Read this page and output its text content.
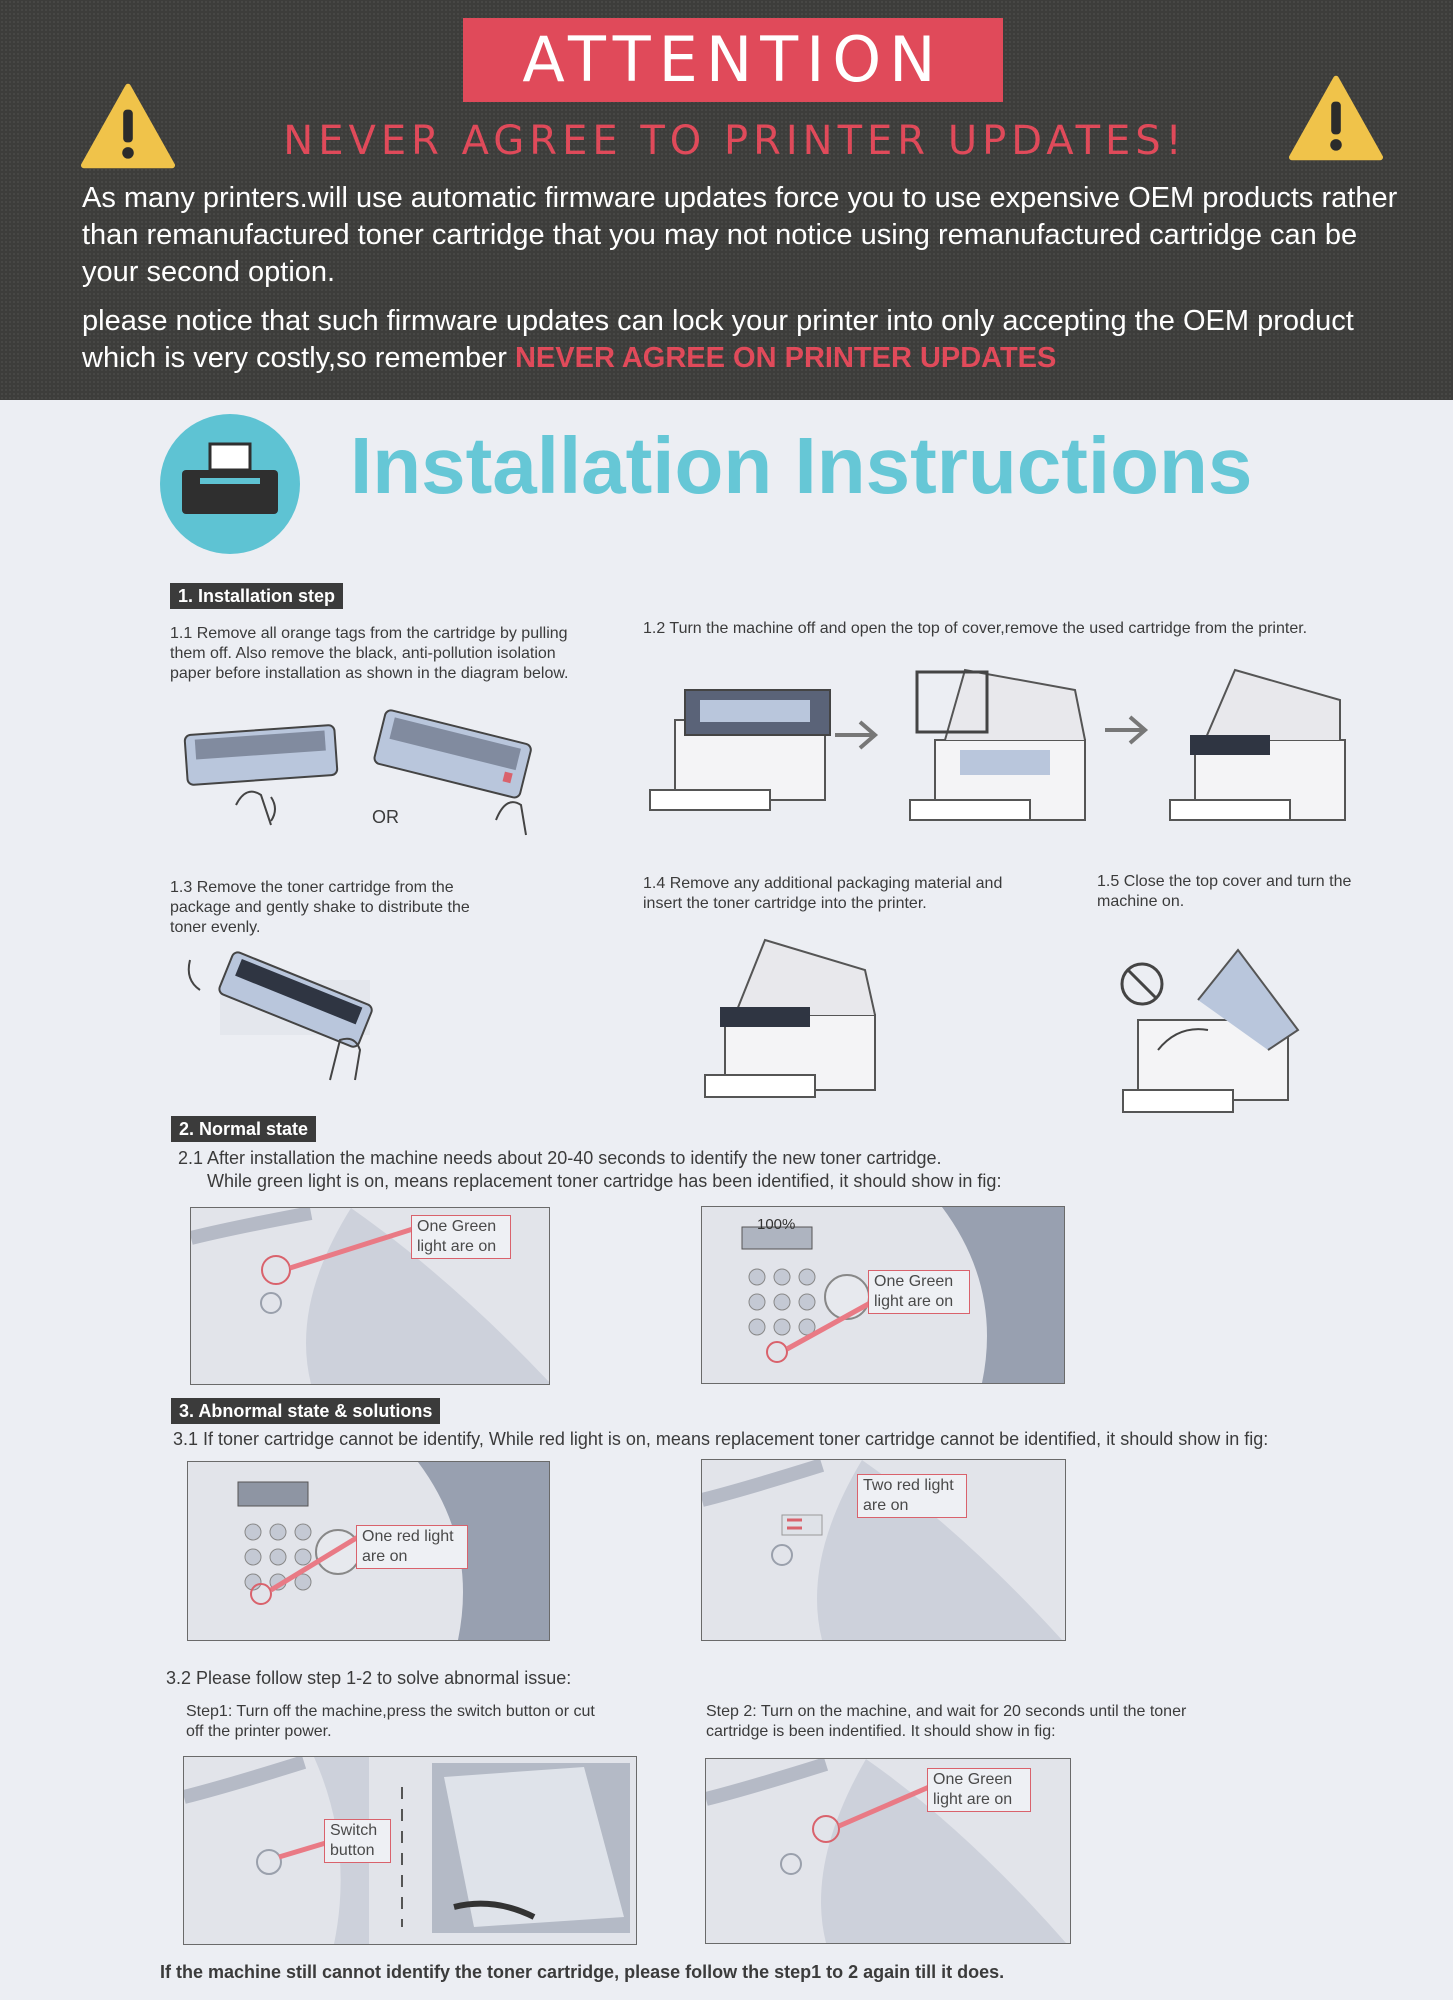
ATTENTION
NEVER AGREE TO PRINTER UPDATES!
As many printers.will use automatic firmware updates force you to use expensive OEM products rather than remanufactured toner cartridge that you may not notice using remanufactured cartridge can be your second option.
please notice that such firmware updates can lock your printer into only accepting the OEM product which is very costly,so remember NEVER AGREE ON PRINTER UPDATES
Installation Instructions
1. Installation step
1.1 Remove all orange tags from the cartridge by pulling them off. Also remove the black, anti-pollution isolation paper before installation as shown in the diagram below.
1.2 Turn the machine off and open the top of cover,remove the used cartridge from the printer.
OR
1.3 Remove the toner cartridge from the package and gently shake to distribute the toner evenly.
1.4 Remove any additional packaging material and insert the toner cartridge into the printer.
1.5 Close the top cover and turn the machine on.
2. Normal state
2.1 After installation the machine needs about 20-40 seconds to identify the new toner cartridge.
While green light is on, means replacement toner cartridge has been identified, it should show in fig:
One Green light are on
100%
One Green light are on
3. Abnormal state & solutions
3.1 If toner cartridge cannot be identify, While red light is on, means replacement toner cartridge cannot be identified, it should show in fig:
One red light are on
Two red light are on
3.2 Please follow step 1-2 to solve abnormal issue:
Step1: Turn off the machine,press the switch button or cut off the printer power.
Step 2: Turn on the machine, and wait for 20 seconds until the toner cartridge is been indentified. It should show in fig:
Switch button
One Green light are on
If the machine still cannot identify the toner cartridge, please follow the step1 to 2 again till it does.
